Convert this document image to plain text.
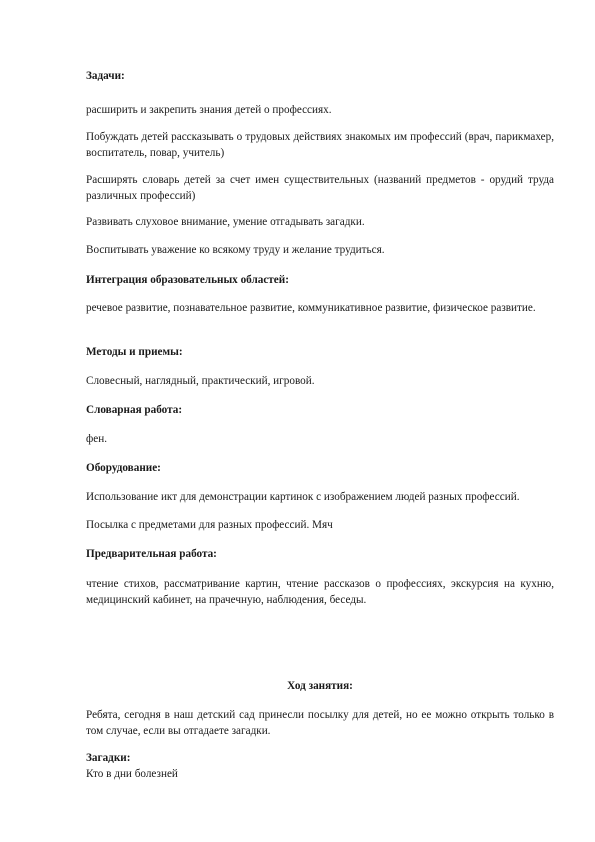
Задачи:

расширить и закрепить знания детей о профессиях.

Побуждать детей рассказывать о трудовых действиях знакомых им профессий (врач, парикмахер, воспитатель, повар, учитель)

Расширять словарь детей за счет имен существительных (названий предметов - орудий труда различных профессий)

Развивать слуховое внимание, умение отгадывать загадки.

Воспитывать уважение ко всякому труду и желание трудиться.

Интеграция образовательных областей:

речевое развитие, познавательное развитие, коммуникативное развитие, физическое развитие.

Методы и приемы:

Словесный, наглядный, практический, игровой.

Словарная работа:

фен.

Оборудование:

Использование икт для демонстрации картинок с изображением людей разных профессий.

Посылка с предметами для разных профессий. Мяч

Предварительная работа:

чтение стихов, рассматривание картин, чтение рассказов о профессиях, экскурсия на кухню, медицинский кабинет, на прачечную, наблюдения, беседы.

Ход занятия:

Ребята, сегодня в наш детский сад принесли посылку для детей, но ее можно открыть только в том случае, если вы отгадаете загадки.

Загадки:

Кто в дни болезней
